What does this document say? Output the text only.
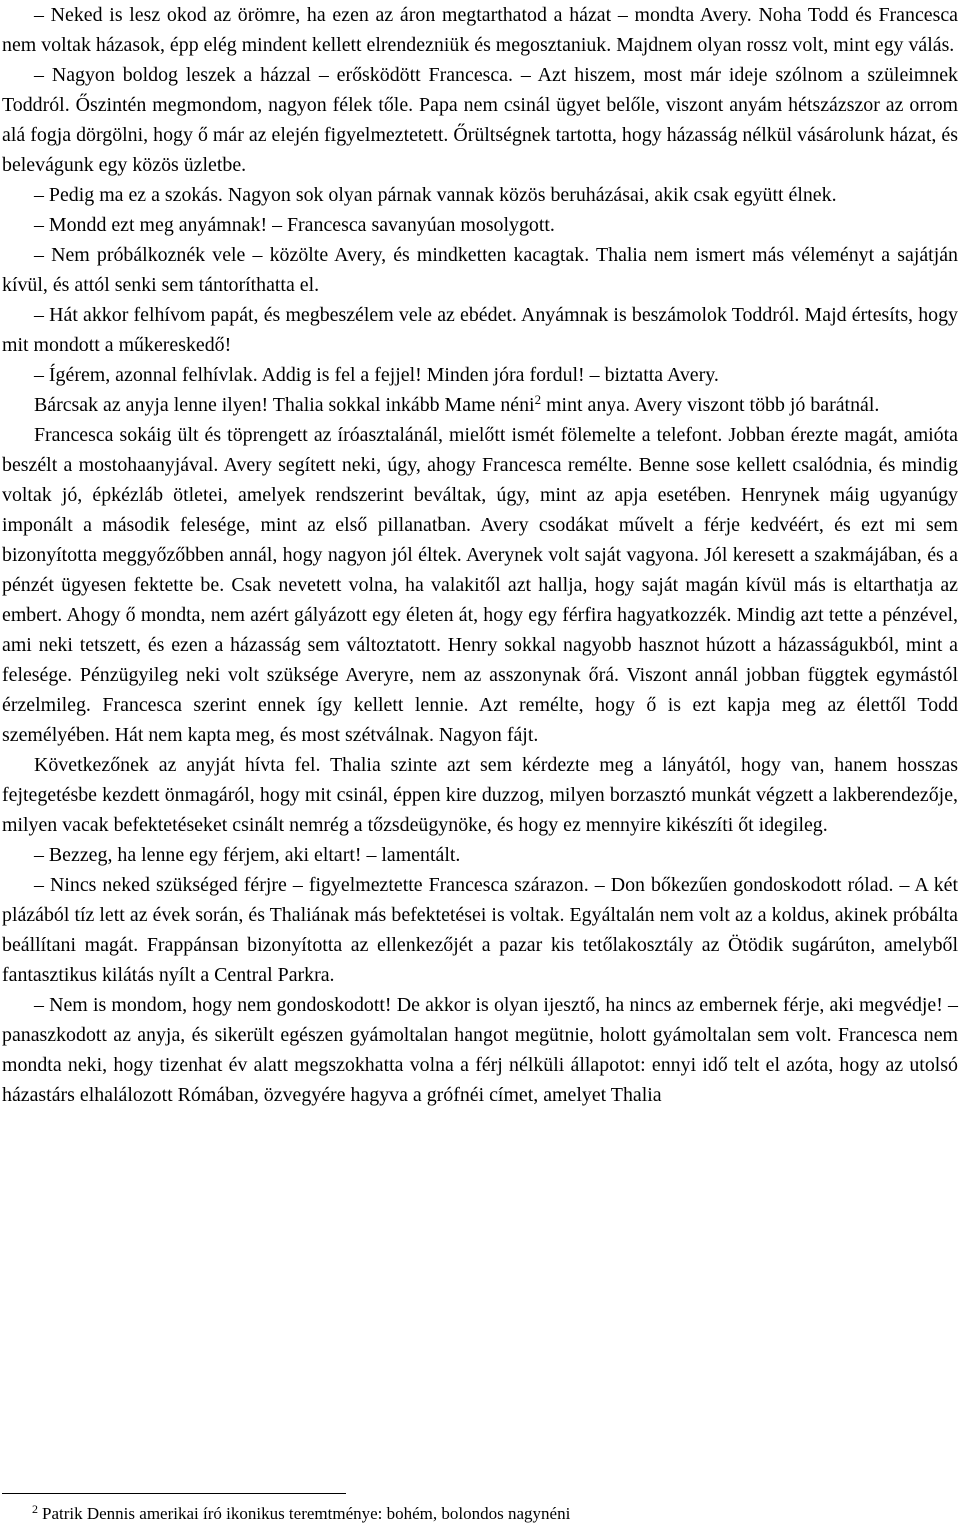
– Neked is lesz okod az örömre, ha ezen az áron megtarthatod a házat – mondta Avery. Noha Todd és Francesca nem voltak házasok, épp elég mindent kellett elrendezniük és megosztaniuk. Majdnem olyan rossz volt, mint egy válás.

– Nagyon boldog leszek a házzal – erősködött Francesca. – Azt hiszem, most már ideje szólnom a szüleimnek Toddról. Őszintén megmondom, nagyon félek tőle. Papa nem csinál ügyet belőle, viszont anyám hétszázszor az orrom alá fogja dörgölni, hogy ő már az elején figyelmeztetett. Őrültségnek tartotta, hogy házasság nélkül vásárolunk házat, és belevágunk egy közös üzletbe.

– Pedig ma ez a szokás. Nagyon sok olyan párnak vannak közös beruházásai, akik csak együtt élnek.

– Mondd ezt meg anyámnak! – Francesca savanyúan mosolygott.

– Nem próbálkoznék vele – közölte Avery, és mindketten kacagtak. Thalia nem ismert más véleményt a sajátján kívül, és attól senki sem tántoríthatta el.

– Hát akkor felhívom papát, és megbeszélem vele az ebédet. Anyámnak is beszámolok Toddról. Majd értesíts, hogy mit mondott a műkereskedő!

– Ígérem, azonnal felhívlak. Addig is fel a fejjel! Minden jóra fordul! – biztatta Avery.

Bárcsak az anyja lenne ilyen! Thalia sokkal inkább Mame néni$^2$ mint anya. Avery viszont több jó barátnál.

Francesca sokáig ült és töprengett az íróasztalánál, mielőtt ismét fölemelte a telefont. Jobban érezte magát, amióta beszélt a mostohaanyjával. Avery segített neki, úgy, ahogy Francesca remélte. Benne sose kellett csalódnia, és mindig voltak jó, épkézláb ötletei, amelyek rendszerint beváltak, úgy, mint az apja esetében. Henrynek máig ugyanúgy imponált a második felesége, mint az első pillanatban. Avery csodákat művelt a férje kedvéért, és ezt mi sem bizonyította meggyőzőbben annál, hogy nagyon jól éltek. Averynek volt saját vagyona. Jól keresett a szakmájában, és a pénzét ügyesen fektette be. Csak nevetett volna, ha valakitől azt hallja, hogy saját magán kívül más is eltarthatja az embert. Ahogy ő mondta, nem azért gályázott egy életen át, hogy egy férfira hagyatkozzék. Mindig azt tette a pénzével, ami neki tetszett, és ezen a házasság sem változtatott. Henry sokkal nagyobb hasznot húzott a házasságukból, mint a felesége. Pénzügyileg neki volt szüksége Averyre, nem az asszonynak őrá. Viszont annál jobban függtek egymástól érzelmileg. Francesca szerint ennek így kellett lennie. Azt remélte, hogy ő is ezt kapja meg az élettől Todd személyében. Hát nem kapta meg, és most szétválnak. Nagyon fájt.

Következőnek az anyját hívta fel. Thalia szinte azt sem kérdezte meg a lányától, hogy van, hanem hosszas fejtegetésbe kezdett önmagáról, hogy mit csinál, éppen kire duzzog, milyen borzasztó munkát végzett a lakberendezője, milyen vacak befektetéseket csinált nemrég a tőzsdeügynöke, és hogy ez mennyire kikészíti őt idegileg.

– Bezzeg, ha lenne egy férjem, aki eltart! – lamentált.

– Nincs neked szükséged férjre – figyelmeztette Francesca szárazon. – Don bőkezűen gondoskodott rólad. – A két plázából tíz lett az évek során, és Thaliának más befektetései is voltak. Egyáltalán nem volt az a koldus, akinek próbálta beállítani magát. Frappánsan bizonyította az ellenkezőjét a pazar kis tetőlakosztály az Ötödik sugárúton, amelyből fantasztikus kilátás nyílt a Central Parkra.

– Nem is mondom, hogy nem gondoskodott! De akkor is olyan ijesztő, ha nincs az embernek férje, aki megvédje! – panaszkodott az anyja, és sikerült egészen gyámoltalan hangot megütnie, holott gyámoltalan sem volt. Francesca nem mondta neki, hogy tizenhat év alatt megszokhatta volna a férj nélküli állapotot: ennyi idő telt el azóta, hogy az utolsó házastárs elhalálozott Rómában, özvegyére hagyva a grófnéi címet, amelyet Thalia

$^2$ Patrik Dennis amerikai író ikonikus teremtménye: bohém, bolondos nagynéni
